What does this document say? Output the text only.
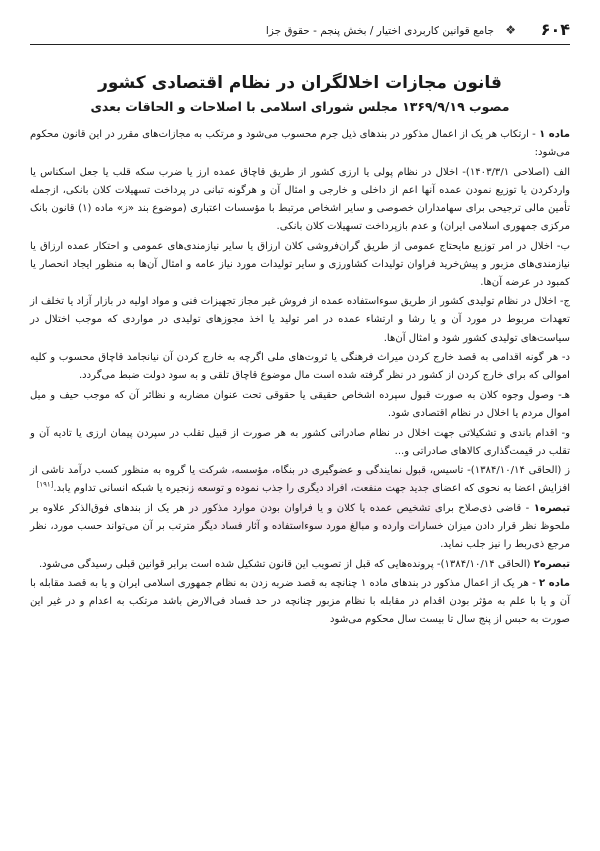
۶۰۴
❖
جامع قوانین کاربردی اختیار / بخش پنجم - حقوق جزا
قانون مجازات اخلالگران در نظام اقتصادی کشور
مصوب ۱۳۶۹/۹/۱۹ مجلس شورای اسلامی با اصلاحات و الحاقات بعدی

ماده ۱ - ارتکاب هر یک از اعمال مذکور در بندهای ذیل جرم محسوب می‌شود و مرتکب به مجازات‌های مقرر در این قانون محکوم می‌شود:

الف (اصلاحی ۱۴۰۳/۳/۱)- اخلال در نظام پولی یا ارزی کشور از طریق قاچاق عمده ارز یا ضرب سکه قلب یا جعل اسکناس یا واردکردن یا توزیع نمودن عمده آنها اعم از داخلی و خارجی و امثال آن و هرگونه تبانی در پرداخت تسهیلات کلان بانکی، ازجمله تأمین مالی ترجیحی برای سهامداران خصوصی و سایر اشخاص مرتبط با مؤسسات اعتباری (موضوع بند «ز» ماده (۱) قانون بانک مرکزی جمهوری اسلامی ایران) و عدم بازپرداخت تسهیلات کلان بانکی.

ب- اخلال در امر توزیع مایحتاج عمومی از طریق گران‌فروشی کلان ارزاق یا سایر نیازمندی‌های عمومی و احتکار عمده ارزاق یا نیازمندی‌های مزبور و پیش‌خرید فراوان تولیدات کشاورزی و سایر تولیدات مورد نیاز عامه و امثال آن‌ها به منظور ایجاد انحصار یا کمبود در عرضه آن‌ها.

ج- اخلال در نظام تولیدی کشور از طریق سوءاستفاده عمده از فروش غیر مجاز تجهیزات فنی و مواد اولیه در بازار آزاد یا تخلف از تعهدات مربوط در مورد آن و یا رشا و ارتشاء عمده در امر تولید یا اخذ مجوزهای تولیدی در مواردی که موجب اختلال در سیاست‌های تولیدی کشور شود و امثال آن‌ها.

د- هر گونه اقدامی به قصد خارج کردن میراث فرهنگی یا ثروت‌های ملی اگرچه به خارج کردن آن نیانجامد قاچاق محسوب و کلیه اموالی که برای خارج کردن از کشور در نظر گرفته شده است مال موضوع قاچاق تلقی و به سود دولت ضبط می‌گردد.

هـ- وصول وجوه کلان به صورت قبول سپرده اشخاص حقیقی یا حقوقی تحت عنوان مضاربه و نظائر آن که موجب حیف و میل اموال مردم یا اخلال در نظام اقتصادی شود.

و- اقدام باندی و تشکیلاتی جهت اخلال در نظام صادراتی کشور به هر صورت از قبیل تقلب در سپردن پیمان ارزی یا تادیه آن و تقلب در قیمت‌گذاری کالاهای صادراتی و...

ز (الحاقی ۱۳۸۴/۱۰/۱۴)- تاسیس، قبول نمایندگی و عضوگیری در بنگاه، مؤسسه، شرکت یا گروه به منظور کسب درآمد ناشی از افزایش اعضا به نحوی که اعضای جدید جهت منفعت، افراد دیگری را جذب نموده و توسعه زنجیره یا شبکه انسانی تداوم یابد.[۱۹۱]

تبصره۱ - قاضی ذی‌صلاح برای تشخیص عمده یا کلان و یا فراوان بودن موارد مذکور در هر یک از بندهای فوق‌الذکر علاوه بر ملحوظ نظر قرار دادن میزان خسارات وارده و مبالغ مورد سوءاستفاده و آثار فساد دیگر مترتب بر آن می‌تواند حسب مورد، نظر مرجع ذی‌ربط را نیز جلب نماید.

تبصره۲ (الحاقی ۱۳۸۴/۱۰/۱۴)- پرونده‌هایی که قبل از تصویب این قانون تشکیل شده است برابر قوانین قبلی رسیدگی می‌شود.

ماده ۲ - هر یک از اعمال مذکور در بندهای ماده ۱ چنانچه به قصد ضربه زدن به نظام جمهوری اسلامی ایران و یا به قصد مقابله با آن و یا با علم به مؤثر بودن اقدام در مقابله با نظام مزبور چنانچه در حد فساد فی‌الارض باشد مرتکب به اعدام و در غیر این صورت به حبس از پنج سال تا بیست سال محکوم می‌شود
